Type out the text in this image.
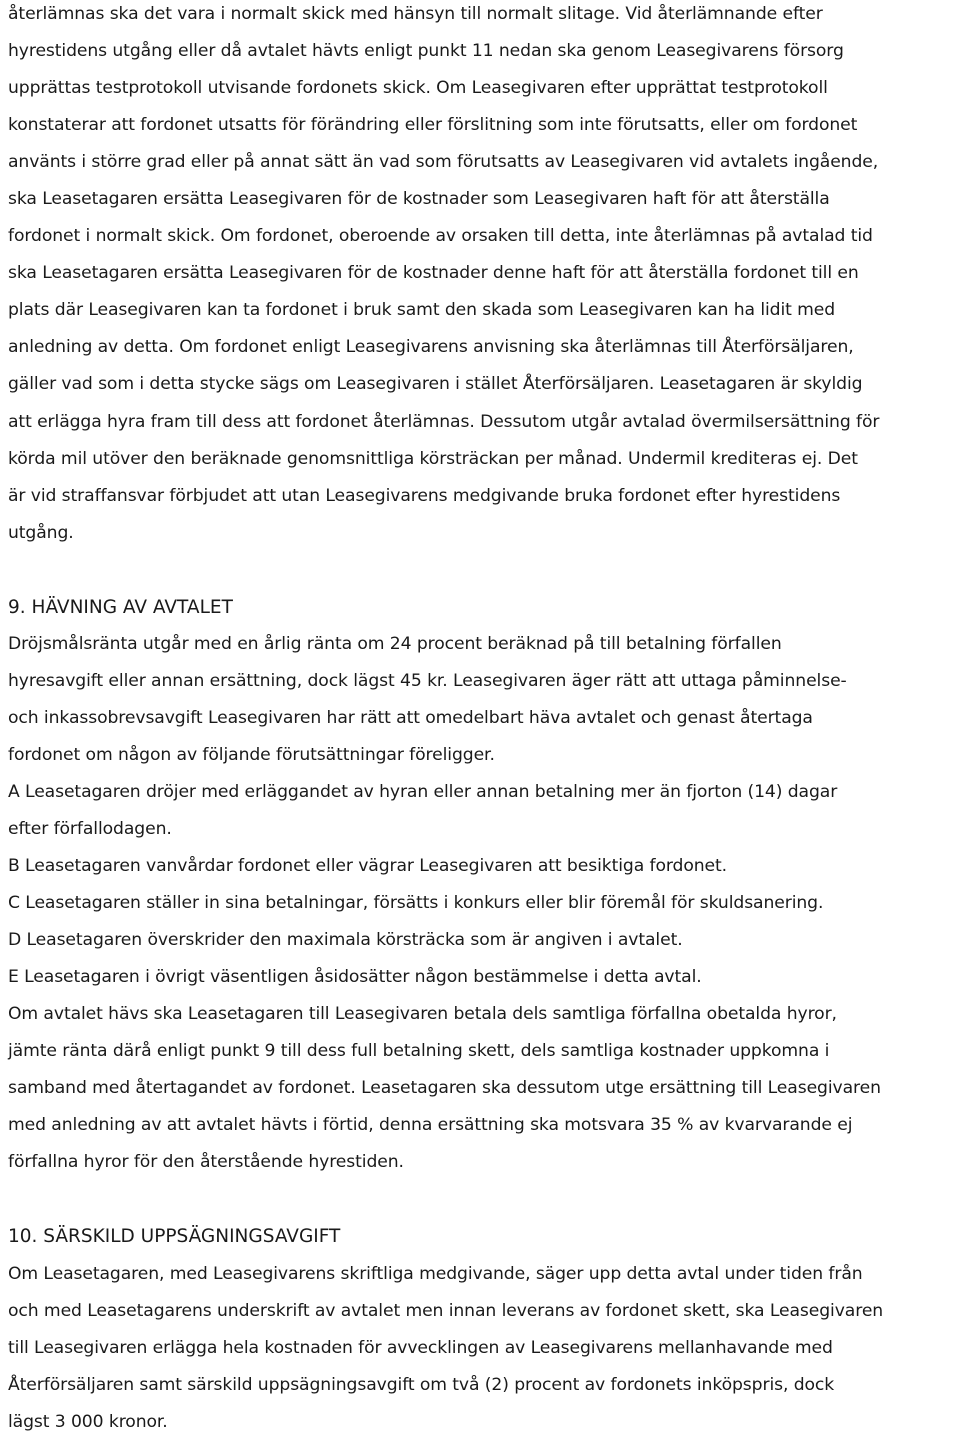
återlämnas ska det vara i normalt skick med hänsyn till normalt slitage. Vid återlämnande efter
hyrestidens utgång eller då avtalet hävts enligt punkt 11 nedan ska genom Leasegivarens försorg
upprättas testprotokoll utvisande fordonets skick. Om Leasegivaren efter upprättat testprotokoll
konstaterar att fordonet utsatts för förändring eller förslitning som inte förutsatts, eller om fordonet
använts i större grad eller på annat sätt än vad som förutsatts av Leasegivaren vid avtalets ingående,
ska Leasetagaren ersätta Leasegivaren för de kostnader som Leasegivaren haft för att återställa
fordonet i normalt skick. Om fordonet, oberoende av orsaken till detta, inte återlämnas på avtalad tid
ska Leasetagaren ersätta Leasegivaren för de kostnader denne haft för att återställa fordonet till en
plats där Leasegivaren kan ta fordonet i bruk samt den skada som Leasegivaren kan ha lidit med
anledning av detta. Om fordonet enligt Leasegivarens anvisning ska återlämnas till Återförsäljaren,
gäller vad som i detta stycke sägs om Leasegivaren i stället Återförsäljaren. Leasetagaren är skyldig
att erlägga hyra fram till dess att fordonet återlämnas. Dessutom utgår avtalad övermilsersättning för
körda mil utöver den beräknade genomsnittliga körsträckan per månad. Undermil krediteras ej. Det
är vid straffansvar förbjudet att utan Leasegivarens medgivande bruka fordonet efter hyrestidens
utgång.
9. HÄVNING AV AVTALET
Dröjsmålsränta utgår med en årlig ränta om 24 procent beräknad på till betalning förfallen
hyresavgift eller annan ersättning, dock lägst 45 kr. Leasegivaren äger rätt att uttaga påminnelse-
och inkassobrevsavgift Leasegivaren har rätt att omedelbart häva avtalet och genast återtaga
fordonet om någon av följande förutsättningar föreligger.
A Leasetagaren dröjer med erläggandet av hyran eller annan betalning mer än fjorton (14) dagar
efter förfallodagen.
B Leasetagaren vanvårdar fordonet eller vägrar Leasegivaren att besiktiga fordonet.
C Leasetagaren ställer in sina betalningar, försätts i konkurs eller blir föremål för skuldsanering.
D Leasetagaren överskrider den maximala körsträcka som är angiven i avtalet.
E Leasetagaren i övrigt väsentligen åsidosätter någon bestämmelse i detta avtal.
Om avtalet hävs ska Leasetagaren till Leasegivaren betala dels samtliga förfallna obetalda hyror,
jämte ränta därå enligt punkt 9 till dess full betalning skett, dels samtliga kostnader uppkomna i
samband med återtagandet av fordonet. Leasetagaren ska dessutom utge ersättning till Leasegivaren
med anledning av att avtalet hävts i förtid, denna ersättning ska motsvara 35 % av kvarvarande ej
förfallna hyror för den återstående hyrestiden.
10. SÄRSKILD UPPSÄGNINGSAVGIFT
Om Leasetagaren, med Leasegivarens skriftliga medgivande, säger upp detta avtal under tiden från
och med Leasetagarens underskrift av avtalet men innan leverans av fordonet skett, ska Leasegivaren
till Leasegivaren erlägga hela kostnaden för avvecklingen av Leasegivarens mellanhavande med
Återförsäljaren samt särskild uppsägningsavgift om två (2) procent av fordonets inköpspris, dock
lägst 3 000 kronor.
